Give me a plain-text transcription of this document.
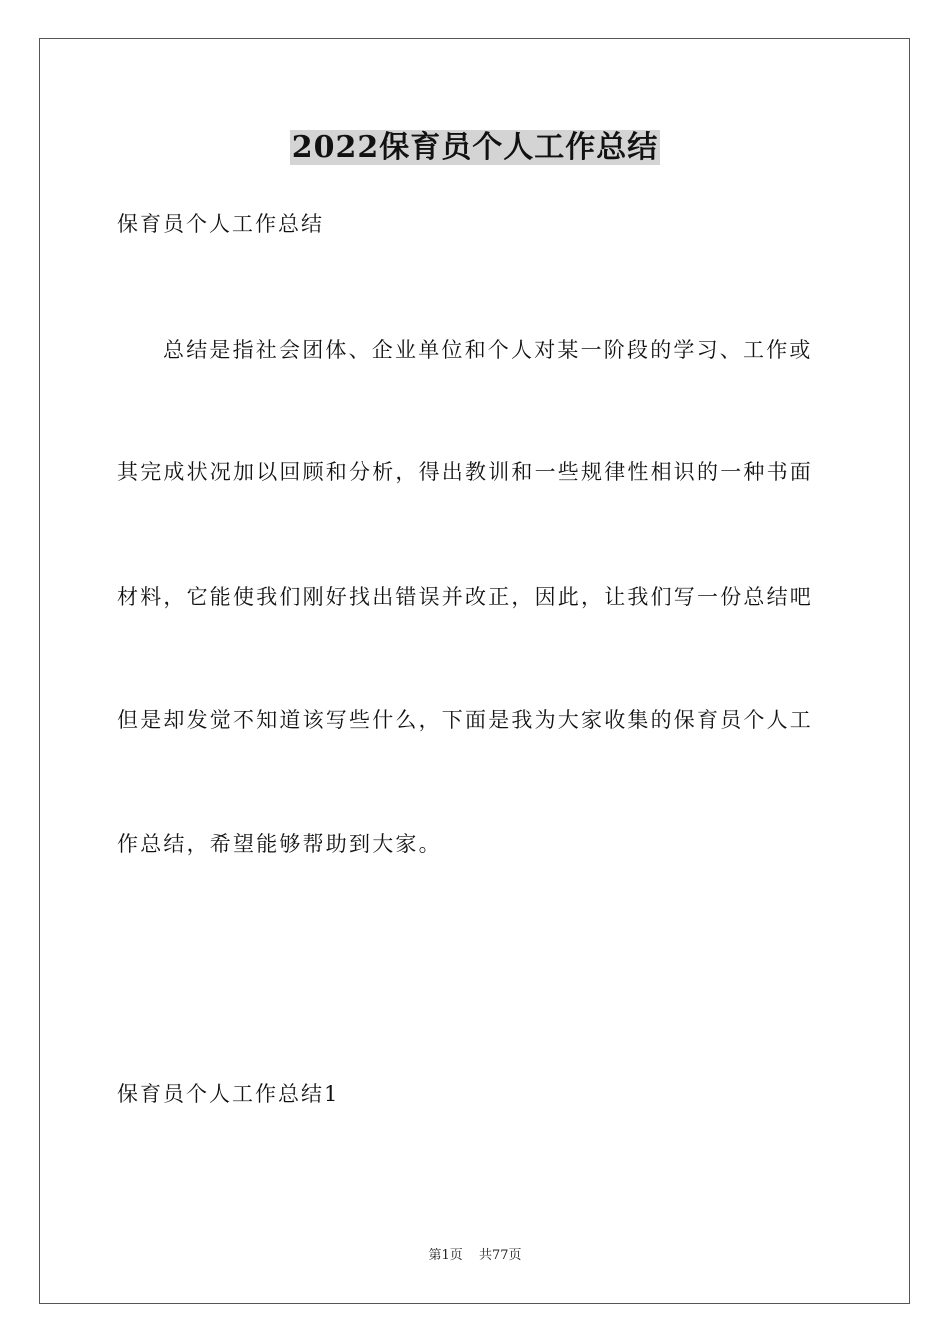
2022保育员个人工作总结
保育员个人工作总结
总结是指社会团体、企业单位和个人对某一阶段的学习、工作或
其完成状况加以回顾和分析，得出教训和一些规律性相识的一种书面
材料，它能使我们刚好找出错误并改正，因此，让我们写一份总结吧
但是却发觉不知道该写些什么，下面是我为大家收集的保育员个人工
作总结，希望能够帮助到大家。
保育员个人工作总结1
第1页 共77页
